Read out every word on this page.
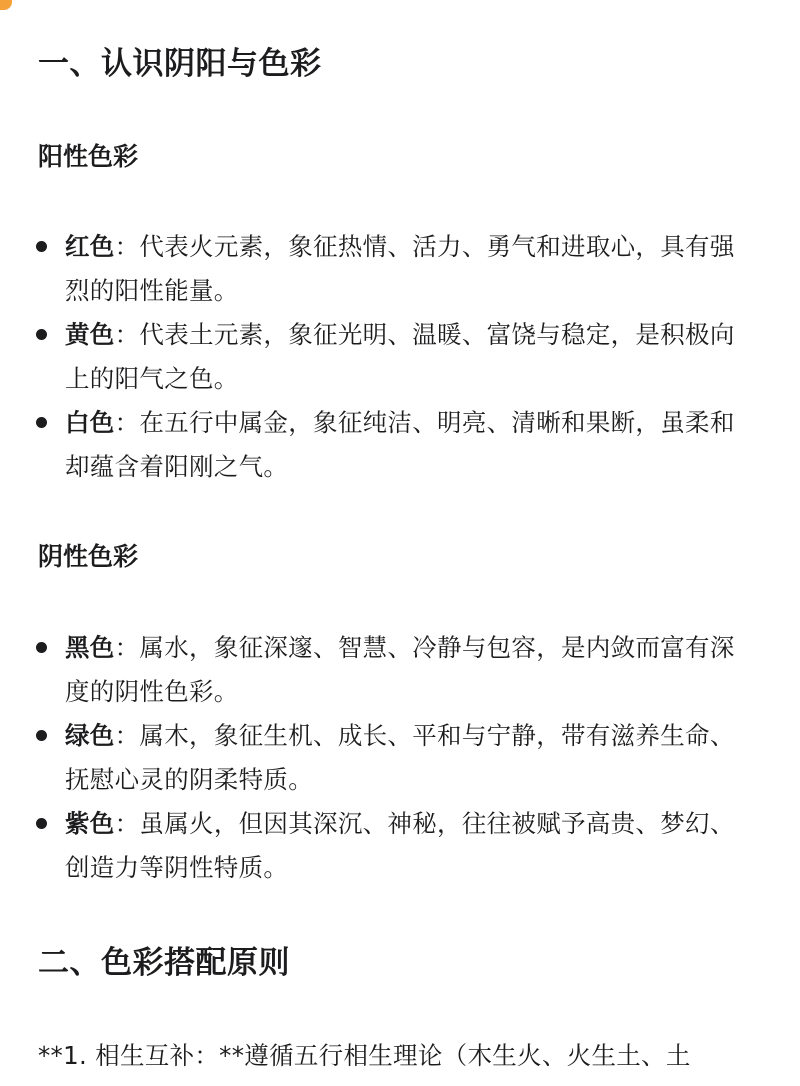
一、认识阴阳与色彩
阳性色彩
红色：代表火元素，象征热情、活力、勇气和进取心，具有强烈的阳性能量。
黄色：代表土元素，象征光明、温暖、富饶与稳定，是积极向上的阳气之色。
白色：在五行中属金，象征纯洁、明亮、清晰和果断，虽柔和却蕴含着阳刚之气。
阴性色彩
黑色：属水，象征深邃、智慧、冷静与包容，是内敛而富有深度的阴性色彩。
绿色：属木，象征生机、成长、平和与宁静，带有滋养生命、抚慰心灵的阴柔特质。
紫色：虽属火，但因其深沉、神秘，往往被赋予高贵、梦幻、创造力等阴性特质。
二、色彩搭配原则

**1. 相生互补：**遵循五行相生理论（木生火、火生土、土
